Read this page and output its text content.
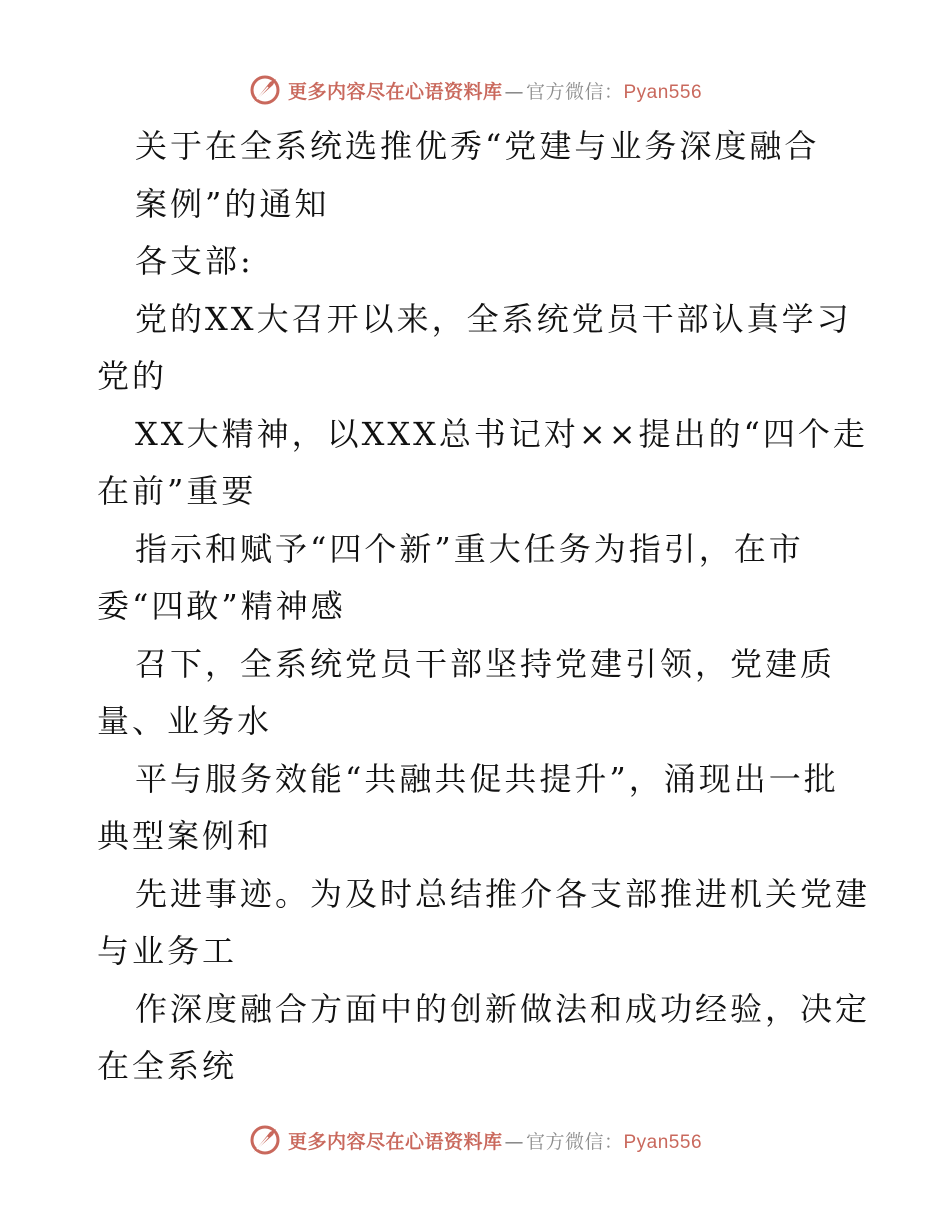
更多内容尽在心语资料库 — 官方微信： Pyan556
关于在全系统选推优秀“党建与业务深度融合
案例”的通知
各支部:
党的XX大召开以来，全系统党员干部认真学习
党的
XX大精神，以XXX总书记对××提出的“四个走
在前”重要
指示和赋予“四个新”重大任务为指引，在市
委“四敢”精神感
召下，全系统党员干部坚持党建引领，党建质
量、业务水
平与服务效能“共融共促共提升”，涌现出一批
典型案例和
先进事迹。为及时总结推介各支部推进机关党建
与业务工
作深度融合方面中的创新做法和成功经验，决定
在全系统
更多内容尽在心语资料库 — 官方微信： Pyan556
